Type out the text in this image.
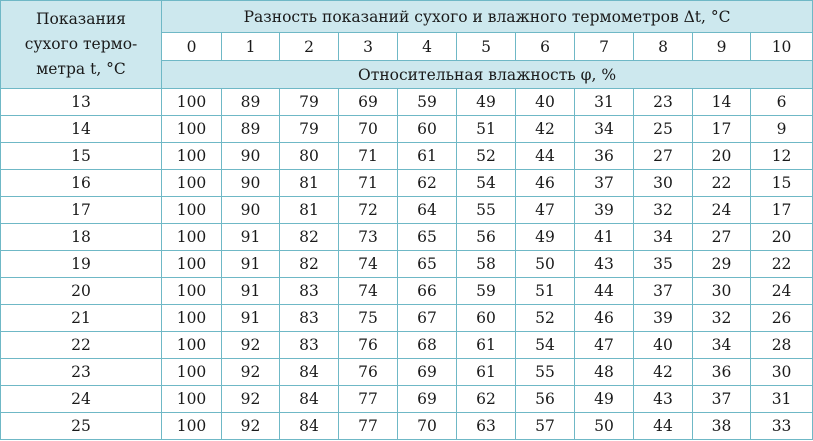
Показания
сухого термо-
метра t, °C	Разность показаний сухого и влажного термометров Δt, °C										
	0	1	2	3	4	5	6	7	8	9	10
	Относительная влажность φ, %										
13	100	89	79	69	59	49	40	31	23	14	6
14	100	89	79	70	60	51	42	34	25	17	9
15	100	90	80	71	61	52	44	36	27	20	12
16	100	90	81	71	62	54	46	37	30	22	15
17	100	90	81	72	64	55	47	39	32	24	17
18	100	91	82	73	65	56	49	41	34	27	20
19	100	91	82	74	65	58	50	43	35	29	22
20	100	91	83	74	66	59	51	44	37	30	24
21	100	91	83	75	67	60	52	46	39	32	26
22	100	92	83	76	68	61	54	47	40	34	28
23	100	92	84	76	69	61	55	48	42	36	30
24	100	92	84	77	69	62	56	49	43	37	31
25	100	92	84	77	70	63	57	50	44	38	33
